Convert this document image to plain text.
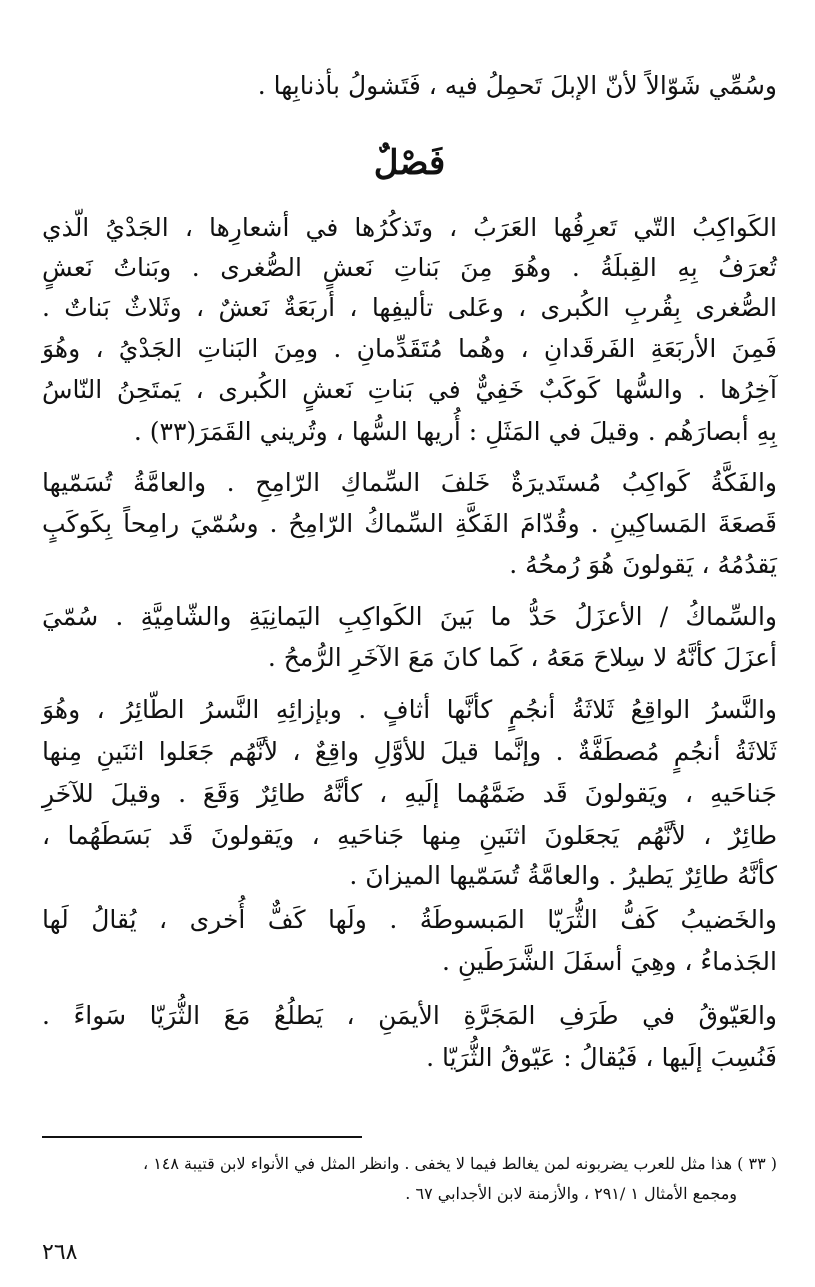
وسُمِّي شَوّالاً لأنّ الإبلَ تَحمِلُ فيه ، فَتَشولُ بأذنابِها .
فَصْلٌ
الكَواكِبُ التّي تَعرِفُها العَرَبُ ، وتَذكُرُها في أشعارِها ، الجَدْيُ الّذي
تُعرَفُ بِهِ القِبلَةُ . وهُوَ مِنَ بَناتِ نَعشٍ الصُّغرى . وبَناتُ نَعشٍ
الصُّغرى بِقُربِ الكُبرى ، وعَلى تأليفِها ، أربَعَةٌ نَعشٌ ، وثَلاثٌ بَناتٌ .
فَمِنَ الأربَعَةِ الفَرقَدانِ ، وهُما مُتَقَدِّمانِ . ومِنَ البَناتِ الجَدْيُ ، وهُوَ
آخِرُها . والسُّها كَوكَبٌ خَفِيٌّ في بَناتِ نَعشٍ الكُبرى ، يَمتَحِنُ النّاسُ
بِهِ أبصارَهُم . وقيلَ في المَثَلِ : أُريها السُّها ، وتُريني القَمَرَ(٣٣) .
والفَكَّةُ كَواكِبُ مُستَديرَةٌ خَلفَ السِّماكِ الرّامِحِ . والعامَّةُ تُسَمّيها
قَصعَةَ المَساكِينِ . وقُدّامَ الفَكَّةِ السِّماكُ الرّامِحُ . وسُمّيَ رامِحاً بِكَوكَبٍ
يَقدُمُهُ ، يَقولونَ هُوَ رُمحُهُ .
والسِّماكُ / الأعزَلُ حَدُّ ما بَينَ الكَواكِبِ اليَمانِيَةِ والشّامِيَّةِ . سُمّيَ
أعزَلَ كأنَّهُ لا سِلاحَ مَعَهُ ، كَما كانَ مَعَ الآخَرِ الرُّمحُ .
والنَّسرُ الواقِعُ ثَلاثَةُ أنجُمٍ كأنَّها أثافٍ . وبإزائِهِ النَّسرُ الطّائِرُ ، وهُوَ
ثَلاثَةُ أنجُمٍ مُصطَفَّةٌ . وإنَّما قيلَ للأوَّلِ واقِعٌ ، لأنَّهُم جَعَلوا اثنَينِ مِنها
جَناحَيهِ ، ويَقولونَ قَد ضَمَّهُما إلَيهِ ، كأنَّهُ طائِرٌ وَقَعَ . وقيلَ للآخَرِ
طائِرٌ ، لأنَّهُم يَجعَلونَ اثنَينِ مِنها جَناحَيهِ ، ويَقولونَ قَد بَسَطَهُما ،
كأنَّهُ طائِرٌ يَطيرُ . والعامَّةُ تُسَمّيها الميزانَ .
والخَضيبُ كَفُّ الثُّرَيّا المَبسوطَةُ . ولَها كَفٌّ أُخرى ، يُقالُ لَها
الجَذماءُ ، وهِيَ أسفَلَ الشَّرَطَينِ .
والعَيّوقُ في طَرَفِ المَجَرَّةِ الأيمَنِ ، يَطلُعُ مَعَ الثُّرَيّا سَواءً .
فَنُسِبَ إلَيها ، فَيُقالُ : عَيّوقُ الثُّرَيّا .
( ٣٣ ) هذا مثل للعرب يضربونه لمن يغالط فيما لا يخفى . وانظر المثل في الأنواء لابن قتيبة ١٤٨ ،
ومجمع الأمثال ١ /٢٩١ ، والأزمنة لابن الأجدابي ٦٧ .
٢٦٨
